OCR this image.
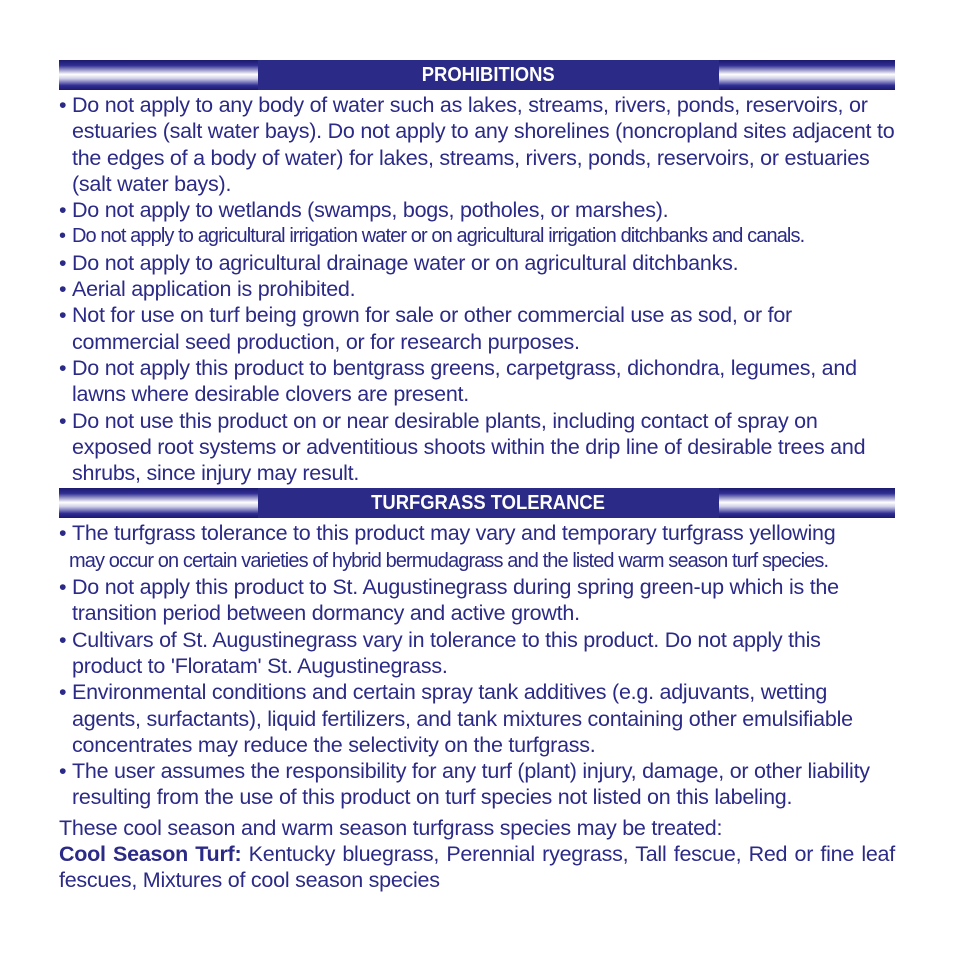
PROHIBITIONS
• Do not apply to any body of water such as lakes, streams, rivers, ponds, reservoirs, or estuaries (salt water bays). Do not apply to any shorelines (noncropland sites adjacent to the edges of a body of water) for lakes, streams, rivers, ponds, reservoirs, or estuaries (salt water bays).
• Do not apply to wetlands (swamps, bogs, potholes, or marshes).
• Do not apply to agricultural irrigation water or on agricultural irrigation ditchbanks and canals.
• Do not apply to agricultural drainage water or on agricultural ditchbanks.
• Aerial application is prohibited.
• Not for use on turf being grown for sale or other commercial use as sod, or for commercial seed production, or for research purposes.
• Do not apply this product to bentgrass greens, carpetgrass, dichondra, legumes, and lawns where desirable clovers are present.
• Do not use this product on or near desirable plants, including contact of spray on exposed root systems or adventitious shoots within the drip line of desirable trees and shrubs, since injury may result.
TURFGRASS TOLERANCE
• The turfgrass tolerance to this product may vary and temporary turfgrass yellowing
may occur on certain varieties of hybrid bermudagrass and the listed warm season turf species.
• Do not apply this product to St. Augustinegrass during spring green-up which is the transition period between dormancy and active growth.
• Cultivars of St. Augustinegrass vary in tolerance to this product. Do not apply this product to 'Floratam' St. Augustinegrass.
• Environmental conditions and certain spray tank additives (e.g. adjuvants, wetting agents, surfactants), liquid fertilizers, and tank mixtures containing other emulsifiable concentrates may reduce the selectivity on the turfgrass.
• The user assumes the responsibility for any turf (plant) injury, damage, or other liability resulting from the use of this product on turf species not listed on this labeling.
These cool season and warm season turfgrass species may be treated:
Cool Season Turf: Kentucky bluegrass, Perennial ryegrass, Tall fescue, Red or fine leaf fescues, Mixtures of cool season species
